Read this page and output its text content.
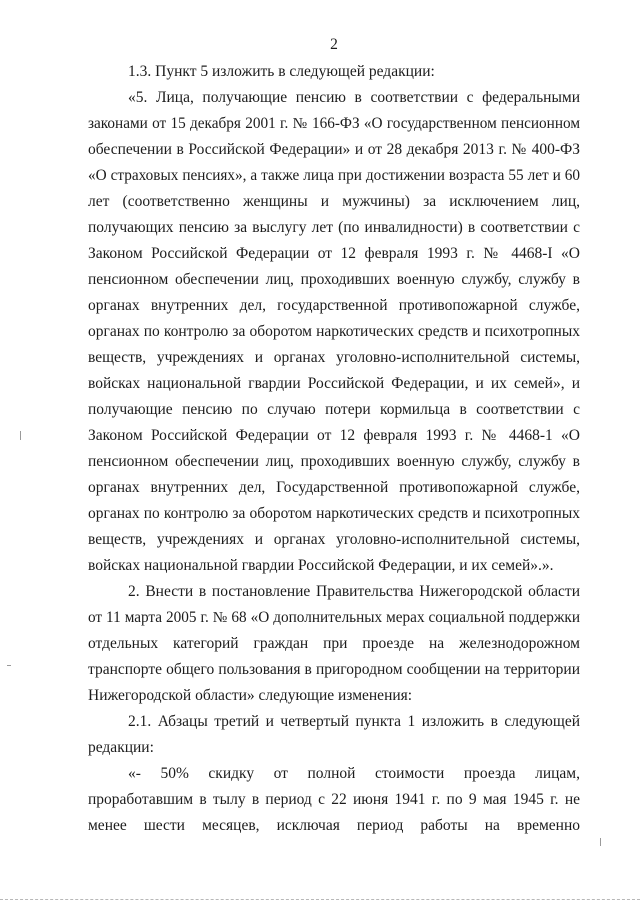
2
1.3. Пункт 5 изложить в следующей редакции:
«5. Лица, получающие пенсию в соответствии с федеральными
законами от 15 декабря 2001 г. № 166-ФЗ «О государственном пенсионном
обеспечении в Российской Федерации» и от 28 декабря 2013 г. № 400-ФЗ
«О страховых пенсиях», а также лица при достижении возраста 55 лет и 60
лет (соответственно женщины и мужчины) за исключением лиц,
получающих пенсию за выслугу лет (по инвалидности) в соответствии с
Законом Российской Федерации от 12 февраля 1993 г. № 4468-I «О
пенсионном обеспечении лиц, проходивших военную службу, службу в
органах внутренних дел, государственной противопожарной службе,
органах по контролю за оборотом наркотических средств и психотропных
веществ, учреждениях и органах уголовно-исполнительной системы,
войсках национальной гвардии Российской Федерации, и их семей», и
получающие пенсию по случаю потери кормильца в соответствии с
Законом Российской Федерации от 12 февраля 1993 г. № 4468-1 «О
пенсионном обеспечении лиц, проходивших военную службу, службу в
органах внутренних дел, Государственной противопожарной службе,
органах по контролю за оборотом наркотических средств и психотропных
веществ, учреждениях и органах уголовно-исполнительной системы,
войсках национальной гвардии Российской Федерации, и их семей».».
2. Внести в постановление Правительства Нижегородской области
от 11 марта 2005 г. № 68 «О дополнительных мерах социальной поддержки
отдельных категорий граждан при проезде на железнодорожном
транспорте общего пользования в пригородном сообщении на территории
Нижегородской области» следующие изменения:
2.1. Абзацы третий и четвертый пункта 1 изложить в следующей
редакции:
«- 50% скидку от полной стоимости проезда лицам,
проработавшим в тылу в период с 22 июня 1941 г. по 9 мая 1945 г. не
менее шести месяцев, исключая период работы на временно
